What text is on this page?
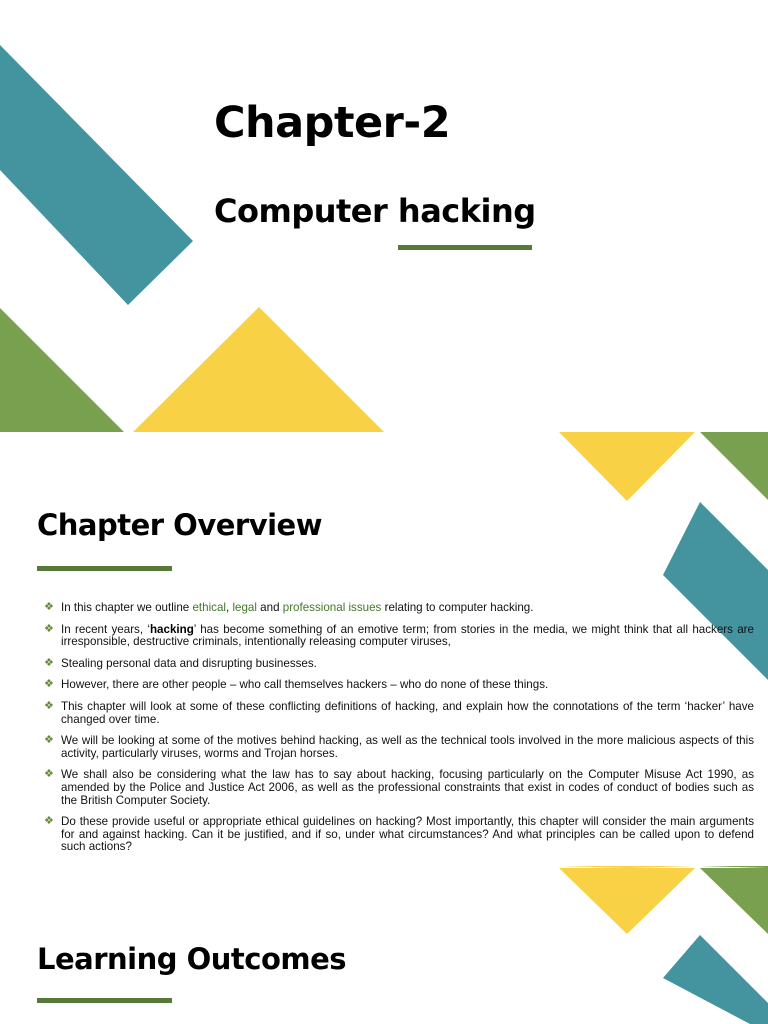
Chapter-2
Computer hacking
Chapter Overview
❖ In this chapter we outline ethical, legal and professional issues relating to computer hacking.
❖ In recent years, ‘hacking’ has become something of an emotive term; from stories in the media, we might think that all hackers are irresponsible, destructive criminals, intentionally releasing computer viruses,
❖ Stealing personal data and disrupting businesses.
❖ However, there are other people – who call themselves hackers – who do none of these things.
❖ This chapter will look at some of these conflicting definitions of hacking, and explain how the connotations of the term ‘hacker’ have changed over time.
❖ We will be looking at some of the motives behind hacking, as well as the technical tools involved in the more malicious aspects of this activity, particularly viruses, worms and Trojan horses.
❖ We shall also be considering what the law has to say about hacking, focusing particularly on the Computer Misuse Act 1990, as amended by the Police and Justice Act 2006, as well as the professional constraints that exist in codes of conduct of bodies such as the British Computer Society.
❖ Do these provide useful or appropriate ethical guidelines on hacking? Most importantly, this chapter will consider the main arguments for and against hacking. Can it be justified, and if so, under what circumstances? And what principles can be called upon to defend such actions?
Learning Outcomes
